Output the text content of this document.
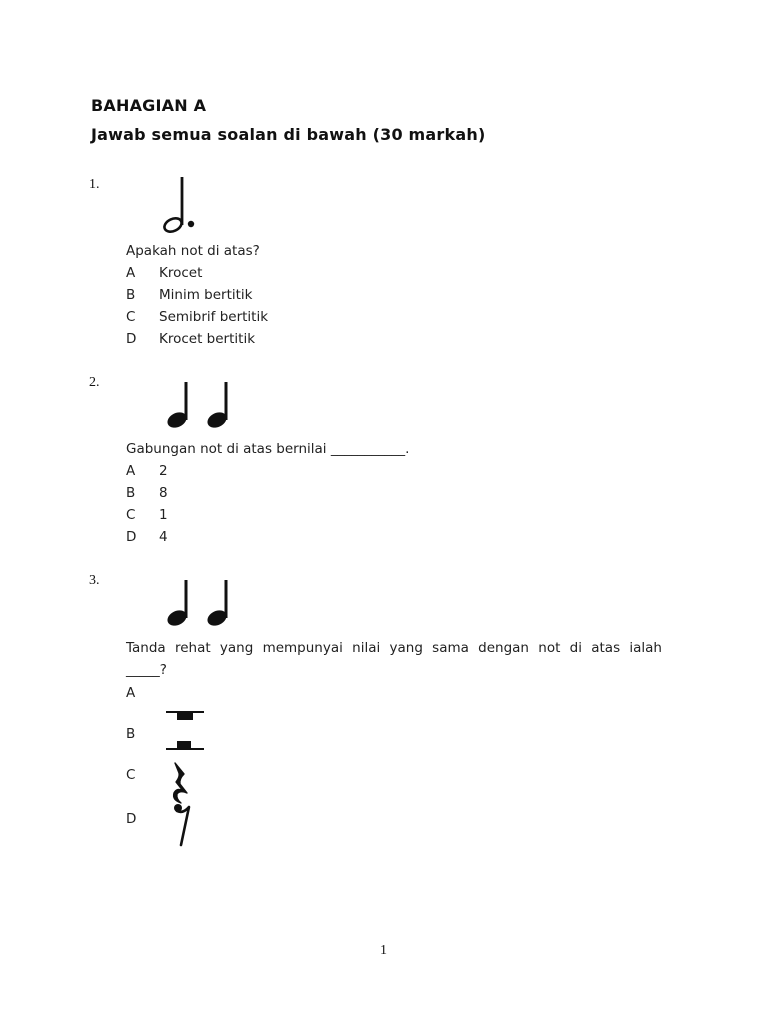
BAHAGIAN A
Jawab semua soalan di bawah (30 markah)
1.
Apakah not di atas?
A Krocet
B Minim bertitik
C Semibrif bertitik
D Krocet bertitik
2.
Gabungan not di atas bernilai ___________.
A 2
B 8
C 1
D 4
3.
Tanda rehat yang mempunyai nilai yang sama dengan not di atas ialah
_____?
A
B
C
D
1
